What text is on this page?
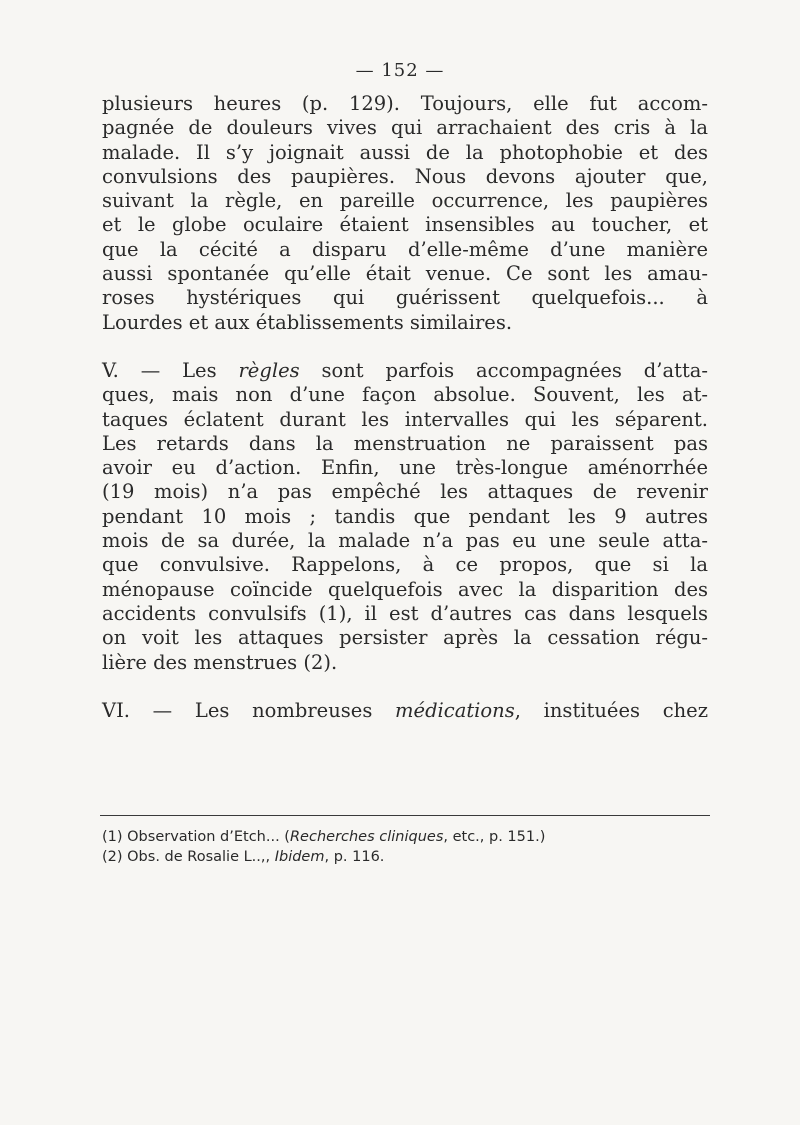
— 152 —
plusieurs heures (p. 129). Toujours, elle fut accom-
pagnée de douleurs vives qui arrachaient des cris à la
malade. Il s’y joignait aussi de la photophobie et des
convulsions des paupières. Nous devons ajouter que,
suivant la règle, en pareille occurrence, les paupières
et le globe oculaire étaient insensibles au toucher, et
que la cécité a disparu d’elle-même d’une manière
aussi spontanée qu’elle était venue. Ce sont les amau-
roses hystériques qui guérissent quelquefois... à
Lourdes et aux établissements similaires.
V. — Les règles sont parfois accompagnées d’atta-
ques, mais non d’une façon absolue. Souvent, les at-
taques éclatent durant les intervalles qui les séparent.
Les retards dans la menstruation ne paraissent pas
avoir eu d’action. Enfin, une très-longue aménorrhée
(19 mois) n’a pas empêché les attaques de revenir
pendant 10 mois ; tandis que pendant les 9 autres
mois de sa durée, la malade n’a pas eu une seule atta-
que convulsive. Rappelons, à ce propos, que si la
ménopause coïncide quelquefois avec la disparition des
accidents convulsifs (1), il est d’autres cas dans lesquels
on voit les attaques persister après la cessation régu-
lière des menstrues (2).
VI. — Les nombreuses médications, instituées chez
(1) Observation d’Etch... (Recherches cliniques, etc., p. 151.)
(2) Obs. de Rosalie L..,, Ibidem, p. 116.
